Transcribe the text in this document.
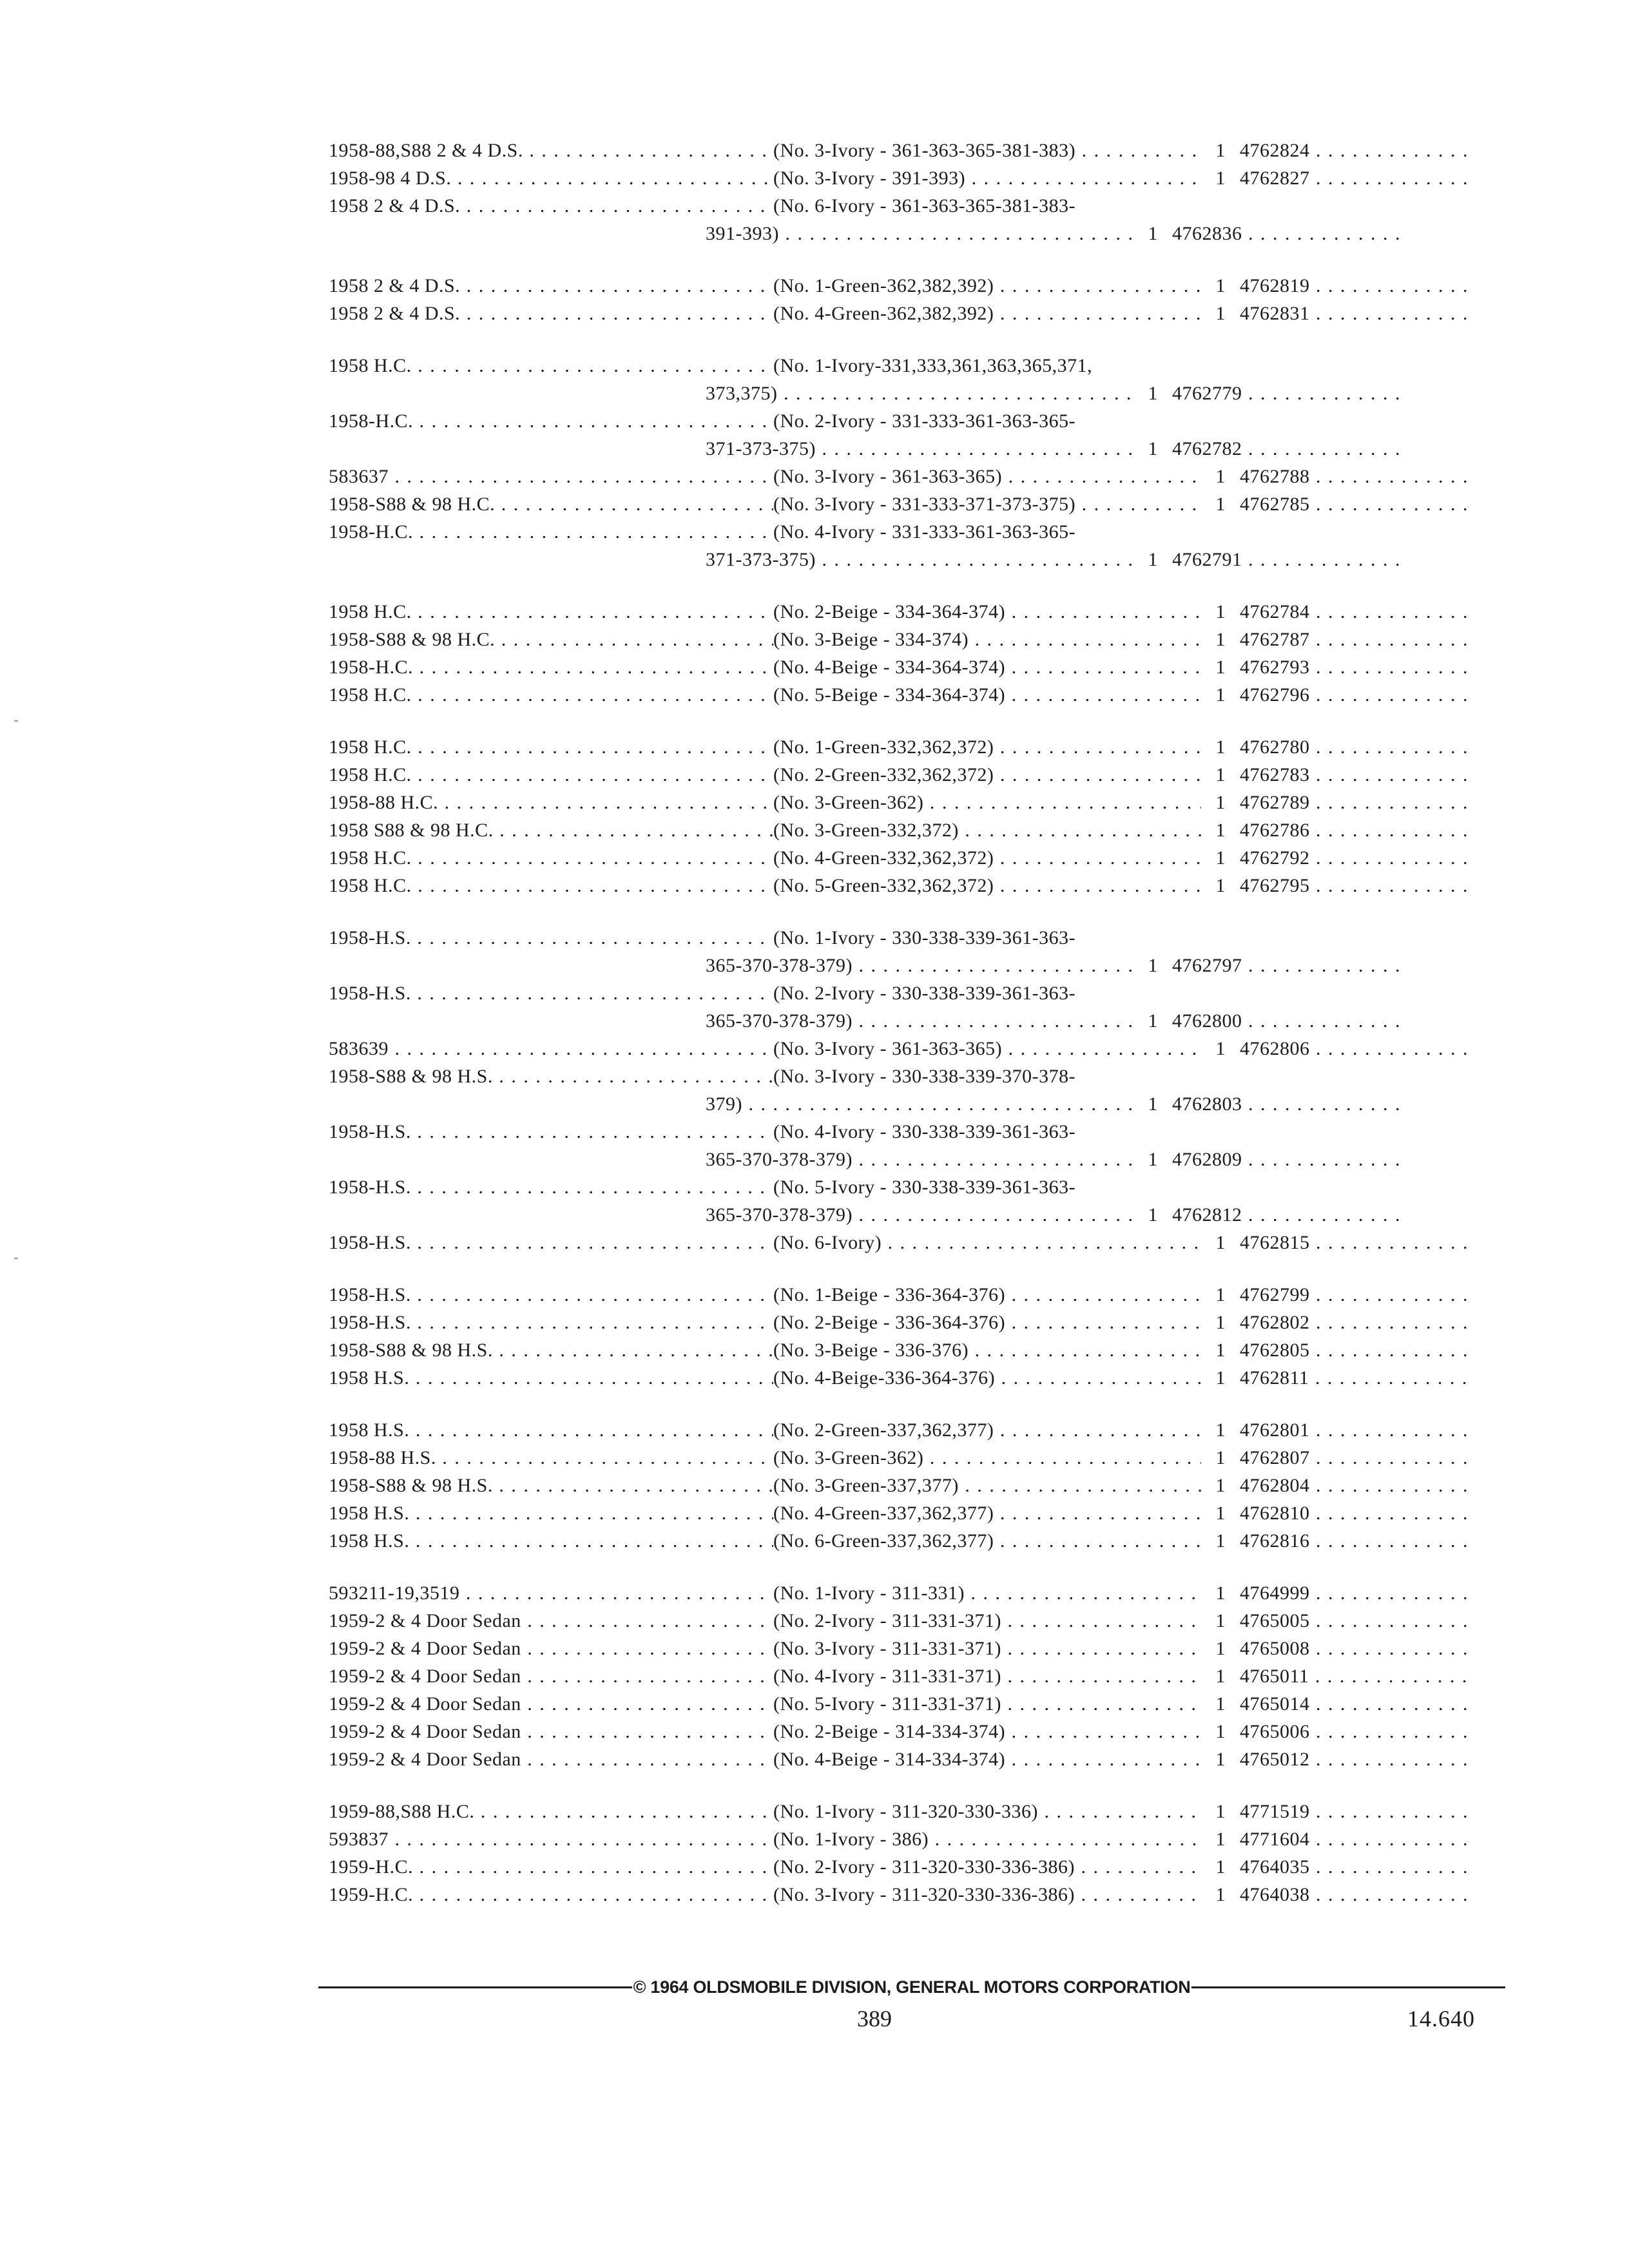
1958-88,S88 2 & 4 D.S. . . .	(No. 3-Ivory - 361-363-365-381-383) . . .	1 4762824 . . .
1958-98 4 D.S. . . .	(No. 3-Ivory - 391-393) . . .	1 4762827 . . .
1958 2 & 4 D.S. . . .	(No. 6-Ivory - 361-363-365-381-383-
391-393) . . .	1 4762836 . . .
1958 2 & 4 D.S. . . .	(No. 1-Green-362,382,392) . . .	1 4762819 . . .
1958 2 & 4 D.S. . . .	(No. 4-Green-362,382,392) . . .	1 4762831 . . .
1958 H.C. . . .	(No. 1-Ivory-331,333,361,363,365,371,
373,375) . . .	1 4762779 . . .
1958-H.C. . . .	(No. 2-Ivory - 331-333-361-363-365-
371-373-375) . . .	1 4762782 . . .
583637 . . .	(No. 3-Ivory - 361-363-365) . . .	1 4762788 . . .
1958-S88 & 98 H.C. . . .	(No. 3-Ivory - 331-333-371-373-375) . . .	1 4762785 . . .
1958-H.C. . . .	(No. 4-Ivory - 331-333-361-363-365-
371-373-375) . . .	1 4762791 . . .
1958 H.C. . . .	(No. 2-Beige - 334-364-374) . . .	1 4762784 . . .
1958-S88 & 98 H.C. . . .	(No. 3-Beige - 334-374) . . .	1 4762787 . . .
1958-H.C. . . .	(No. 4-Beige - 334-364-374) . . .	1 4762793 . . .
1958 H.C. . . .	(No. 5-Beige - 334-364-374) . . .	1 4762796 . . .
1958 H.C. . . .	(No. 1-Green-332,362,372) . . .	1 4762780 . . .
1958 H.C. . . .	(No. 2-Green-332,362,372) . . .	1 4762783 . . .
1958-88 H.C. . . .	(No. 3-Green-362) . . .	1 4762789 . . .
1958 S88 & 98 H.C. . . .	(No. 3-Green-332,372) . . .	1 4762786 . . .
1958 H.C. . . .	(No. 4-Green-332,362,372) . . .	1 4762792 . . .
1958 H.C. . . .	(No. 5-Green-332,362,372) . . .	1 4762795 . . .
1958-H.S. . . .	(No. 1-Ivory - 330-338-339-361-363-
365-370-378-379) . . .	1 4762797 . . .
1958-H.S. . . .	(No. 2-Ivory - 330-338-339-361-363-
365-370-378-379) . . .	1 4762800 . . .
583639 . . .	(No. 3-Ivory - 361-363-365) . . .	1 4762806 . . .
1958-S88 & 98 H.S. . . .	(No. 3-Ivory - 330-338-339-370-378-
379) . . .	1 4762803 . . .
1958-H.S. . . .	(No. 4-Ivory - 330-338-339-361-363-
365-370-378-379) . . .	1 4762809 . . .
1958-H.S. . . .	(No. 5-Ivory - 330-338-339-361-363-
365-370-378-379) . . .	1 4762812 . . .
1958-H.S. . . .	(No. 6-Ivory) . . .	1 4762815 . . .
1958-H.S. . . .	(No. 1-Beige - 336-364-376) . . .	1 4762799 . . .
1958-H.S. . . .	(No. 2-Beige - 336-364-376) . . .	1 4762802 . . .
1958-S88 & 98 H.S. . . .	(No. 3-Beige - 336-376) . . .	1 4762805 . . .
1958 H.S. . . .	(No. 4-Beige-336-364-376) . . .	1 4762811 . . .
1958 H.S. . . .	(No. 2-Green-337,362,377) . . .	1 4762801 . . .
1958-88 H.S. . . .	(No. 3-Green-362) . . .	1 4762807 . . .
1958-S88 & 98 H.S. . . .	(No. 3-Green-337,377) . . .	1 4762804 . . .
1958 H.S. . . .	(No. 4-Green-337,362,377) . . .	1 4762810 . . .
1958 H.S. . . .	(No. 6-Green-337,362,377) . . .	1 4762816 . . .
593211-19,3519 . . .	(No. 1-Ivory - 311-331) . . .	1 4764999 . . .
1959-2 & 4 Door Sedan . . .	(No. 2-Ivory - 311-331-371) . . .	1 4765005 . . .
1959-2 & 4 Door Sedan . . .	(No. 3-Ivory - 311-331-371) . . .	1 4765008 . . .
1959-2 & 4 Door Sedan . . .	(No. 4-Ivory - 311-331-371) . . .	1 4765011 . . .
1959-2 & 4 Door Sedan . . .	(No. 5-Ivory - 311-331-371) . . .	1 4765014 . . .
1959-2 & 4 Door Sedan . . .	(No. 2-Beige - 314-334-374) . . .	1 4765006 . . .
1959-2 & 4 Door Sedan . . .	(No. 4-Beige - 314-334-374) . . .	1 4765012 . . .
1959-88,S88 H.C. . . .	(No. 1-Ivory - 311-320-330-336) . . .	1 4771519 . . .
593837 . . .	(No. 1-Ivory - 386) . . .	1 4771604 . . .
1959-H.C. . . .	(No. 2-Ivory - 311-320-330-336-386) . . .	1 4764035 . . .
1959-H.C. . . .	(No. 3-Ivory - 311-320-330-336-386) . . .	1 4764038 . . .
© 1964 OLDSMOBILE DIVISION, GENERAL MOTORS CORPORATION
389	14.640
